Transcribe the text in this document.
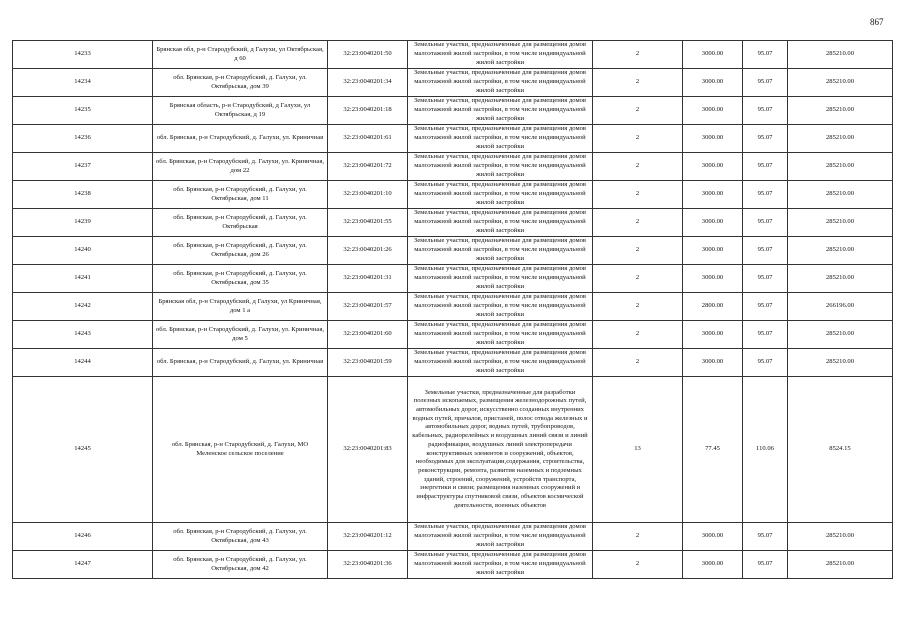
867
14233	Брянская обл, р-н Стародубский, д Галухи, ул Октябрьская, д 60	32:23:0040201:50	Земельные участки, предназначенные для размещения домов малоэтажной жилой застройки, в том числе индивидуальной жилой застройки	2	3000.00	95.07	285210.00
14234	обл. Брянская, р-н Стародубский, д. Галухи, ул. Октябрьская, дом 39	32:23:0040201:34	Земельные участки, предназначенные для размещения домов малоэтажной жилой застройки, в том числе индивидуальной жилой застройки	2	3000.00	95.07	285210.00
14235	Брянская область, р-н Стародубский, д Галухи, ул Октябрьская, д 19	32:23:0040201:18	Земельные участки, предназначенные для размещения домов малоэтажной жилой застройки, в том числе индивидуальной жилой застройки	2	3000.00	95.07	285210.00
14236	обл. Брянская, р-н Стародубский, д. Галухи, ул. Криничная	32:23:0040201:61	Земельные участки, предназначенные для размещения домов малоэтажной жилой застройки, в том числе индивидуальной жилой застройки	2	3000.00	95.07	285210.00
14237	обл. Брянская, р-н Стародубский, д. Галухи, ул. Криничная, дом 22	32:23:0040201:72	Земельные участки, предназначенные для размещения домов малоэтажной жилой застройки, в том числе индивидуальной жилой застройки	2	3000.00	95.07	285210.00
14238	обл. Брянская, р-н Стародубский, д. Галухи, ул. Октябрьская, дом 11	32:23:0040201:10	Земельные участки, предназначенные для размещения домов малоэтажной жилой застройки, в том числе индивидуальной жилой застройки	2	3000.00	95.07	285210.00
14239	обл. Брянская, р-н Стародубский, д. Галухи, ул. Октябрьская	32:23:0040201:55	Земельные участки, предназначенные для размещения домов малоэтажной жилой застройки, в том числе индивидуальной жилой застройки	2	3000.00	95.07	285210.00
14240	обл. Брянская, р-н Стародубский, д. Галухи, ул. Октябрьская, дом 26	32:23:0040201:26	Земельные участки, предназначенные для размещения домов малоэтажной жилой застройки, в том числе индивидуальной жилой застройки	2	3000.00	95.07	285210.00
14241	обл. Брянская, р-н Стародубский, д. Галухи, ул. Октябрьская, дом 35	32:23:0040201:31	Земельные участки, предназначенные для размещения домов малоэтажной жилой застройки, в том числе индивидуальной жилой застройки	2	3000.00	95.07	285210.00
14242	Брянская обл, р-н Стародубский, д Галухи, ул Криничная, дом 1 а	32:23:0040201:57	Земельные участки, предназначенные для размещения домов малоэтажной жилой застройки, в том числе индивидуальной жилой застройки	2	2800.00	95.07	266196.00
14243	обл. Брянская, р-н Стародубский, д. Галухи, ул. Криничная, дом 5	32:23:0040201:60	Земельные участки, предназначенные для размещения домов малоэтажной жилой застройки, в том числе индивидуальной жилой застройки	2	3000.00	95.07	285210.00
14244	обл. Брянская, р-н Стародубский, д. Галухи, ул. Криничная	32:23:0040201:59	Земельные участки, предназначенные для размещения домов малоэтажной жилой застройки, в том числе индивидуальной жилой застройки	2	3000.00	95.07	285210.00
14245	обл. Брянская, р-н Стародубский, д. Галухи, МО Меленское сельское поселение	32:23:0040201:83	Земельные участки, предназначенные для разработки полезных ископаемых, размещения железнодорожных путей, автомобильных дорог, искусственно созданных внутренних водных путей, причалов, пристаней, полос отвода железных и автомобильных дорог, водных путей, трубопроводов, кабельных, радиорелейных и воздушных линий связи и линий радиофикации, воздушных линий электропередачи конструктивных элементов и сооружений, объектов, необходимых для эксплуатации,содержания, строительства, реконструкции, ремонта, развития наземных и подземных зданий, строений, сооружений, устройств транспорта, энергетики и связи; размещения наземных сооружений и инфраструктуры спутниковой связи, объектов космической деятельности, военных объектов	13	77.45	110.06	8524.15
14246	обл. Брянская, р-н Стародубский, д. Галухи, ул. Октябрьская, дом 43	32:23:0040201:12	Земельные участки, предназначенные для размещения домов малоэтажной жилой застройки, в том числе индивидуальной жилой застройки	2	3000.00	95.07	285210.00
14247	обл. Брянская, р-н Стародубский, д. Галухи, ул. Октябрьская, дом 42	32:23:0040201:36	Земельные участки, предназначенные для размещения домов малоэтажной жилой застройки, в том числе индивидуальной жилой застройки	2	3000.00	95.07	285210.00
